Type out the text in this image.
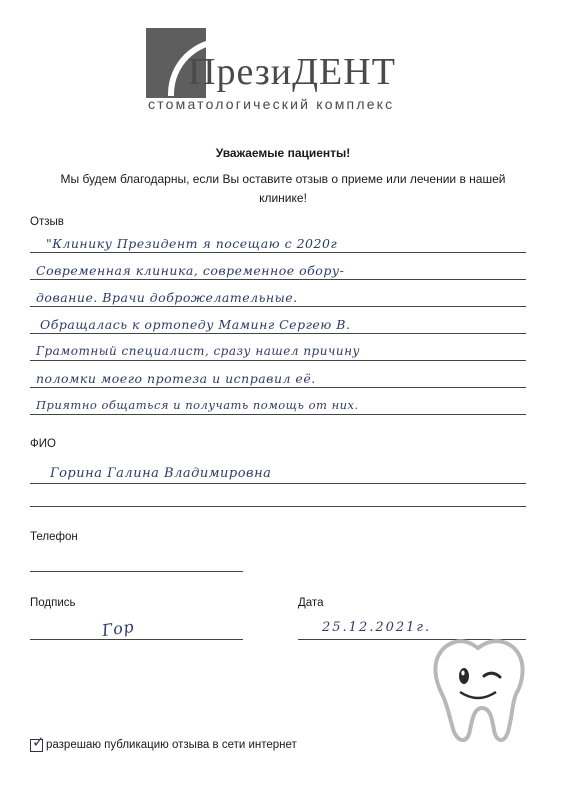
ПрезиДЕНТ
стоматологический комплекс
Уважаемые пациенты!
Мы будем благодарны, если Вы оставите отзыв о приеме или лечении в нашей клинике!
Отзыв
"Клинику Президент я посещаю с 2020г
Современная клиника, современное обору-
дование. Врачи доброжелательные.
Обращалась к ортопеду Маминг Сергею В.
Грамотный специалист, сразу нашел причину
поломки моего протеза и исправил её.
Приятно общаться и получать помощь от них.
ФИО
Горина Галина Владимировна
Телефон
Подпись
Гор
Дата
25.12.2021г.
✓ разрешаю публикацию отзыва в сети интернет
